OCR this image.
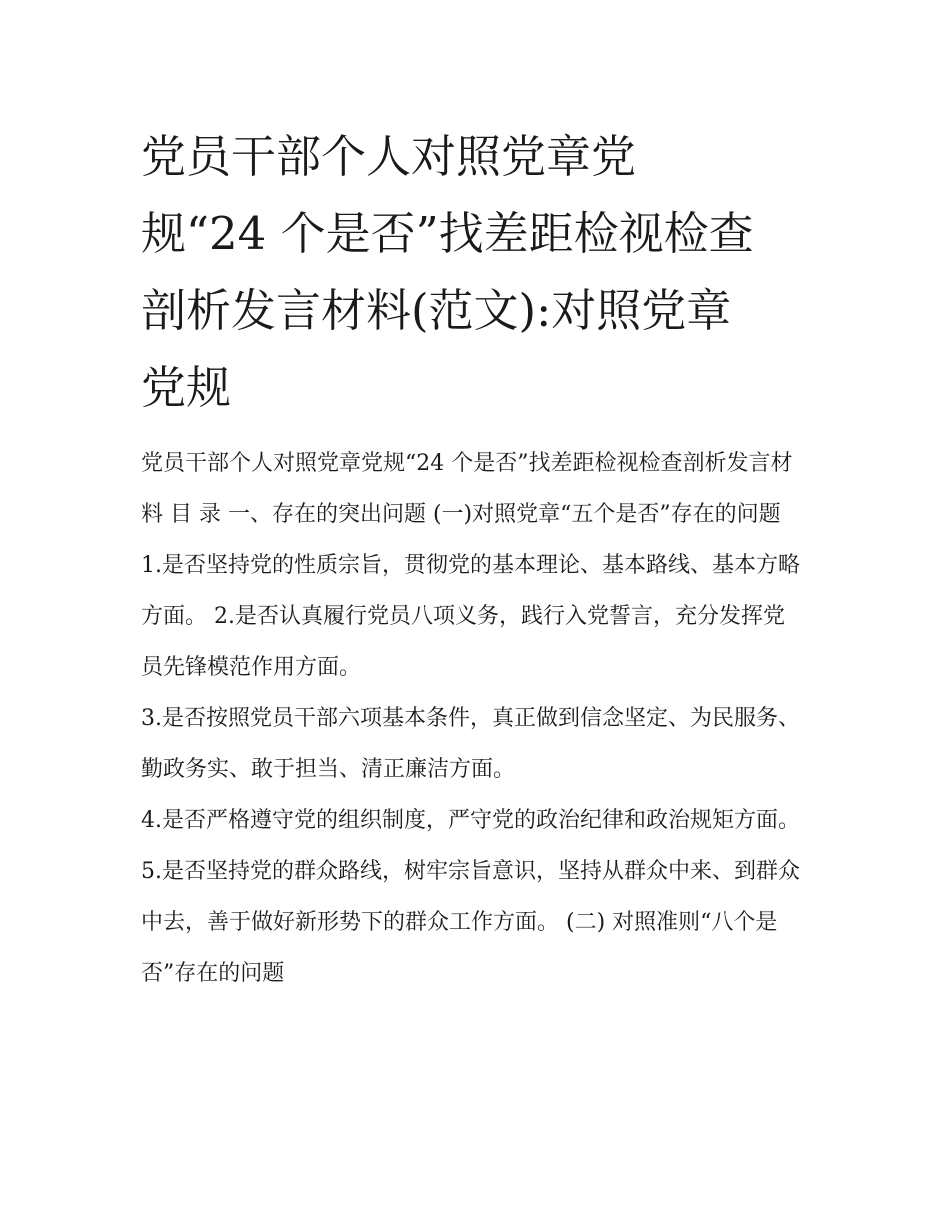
党员干部个人对照党章党
规“24 个是否”找差距检视检查
剖析发言材料(范文):对照党章
党规

党员干部个人对照党章党规“24 个是否”找差距检视检查剖析发言材料 目 录 一、存在的突出问题 (一)对照党章“五个是否”存在的问题

1.是否坚持党的性质宗旨，贯彻党的基本理论、基本路线、基本方略方面。 2.是否认真履行党员八项义务，践行入党誓言，充分发挥党员先锋模范作用方面。

3.是否按照党员干部六项基本条件，真正做到信念坚定、为民服务、勤政务实、敢于担当、清正廉洁方面。

4.是否严格遵守党的组织制度，严守党的政治纪律和政治规矩方面。

5.是否坚持党的群众路线，树牢宗旨意识，坚持从群众中来、到群众中去，善于做好新形势下的群众工作方面。 (二) 对照准则“八个是否”存在的问题
